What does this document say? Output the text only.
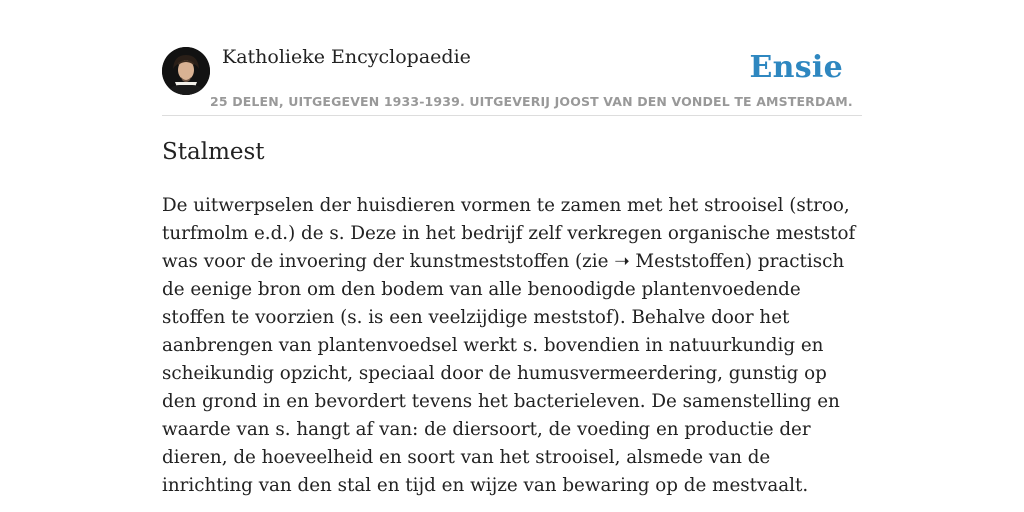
Katholieke Encyclopaedie	Ensie
25 DELEN, UITGEGEVEN 1933-1939. UITGEVERIJ JOOST VAN DEN VONDEL TE AMSTERDAM.
Stalmest

De uitwerpselen der huisdieren vormen te zamen met het strooisel (stroo, turfmolm e.d.) de s. Deze in het bedrijf zelf verkregen organische meststof was voor de invoering der kunstmeststoffen (zie ➝ Meststoffen) practisch de eenige bron om den bodem van alle benoodigde plantenvoedende stoffen te voorzien (s. is een veelzijdige meststof). Behalve door het aanbrengen van plantenvoedsel werkt s. bovendien in natuurkundig en scheikundig opzicht, speciaal door de humusvermeerdering, gunstig op den grond in en bevordert tevens het bacterieleven. De samenstelling en waarde van s. hangt af van: de diersoort, de voeding en productie der dieren, de hoeveelheid en soort van het strooisel, alsmede van de inrichting van den stal en tijd en wijze van bewaring op de mestvaalt.
